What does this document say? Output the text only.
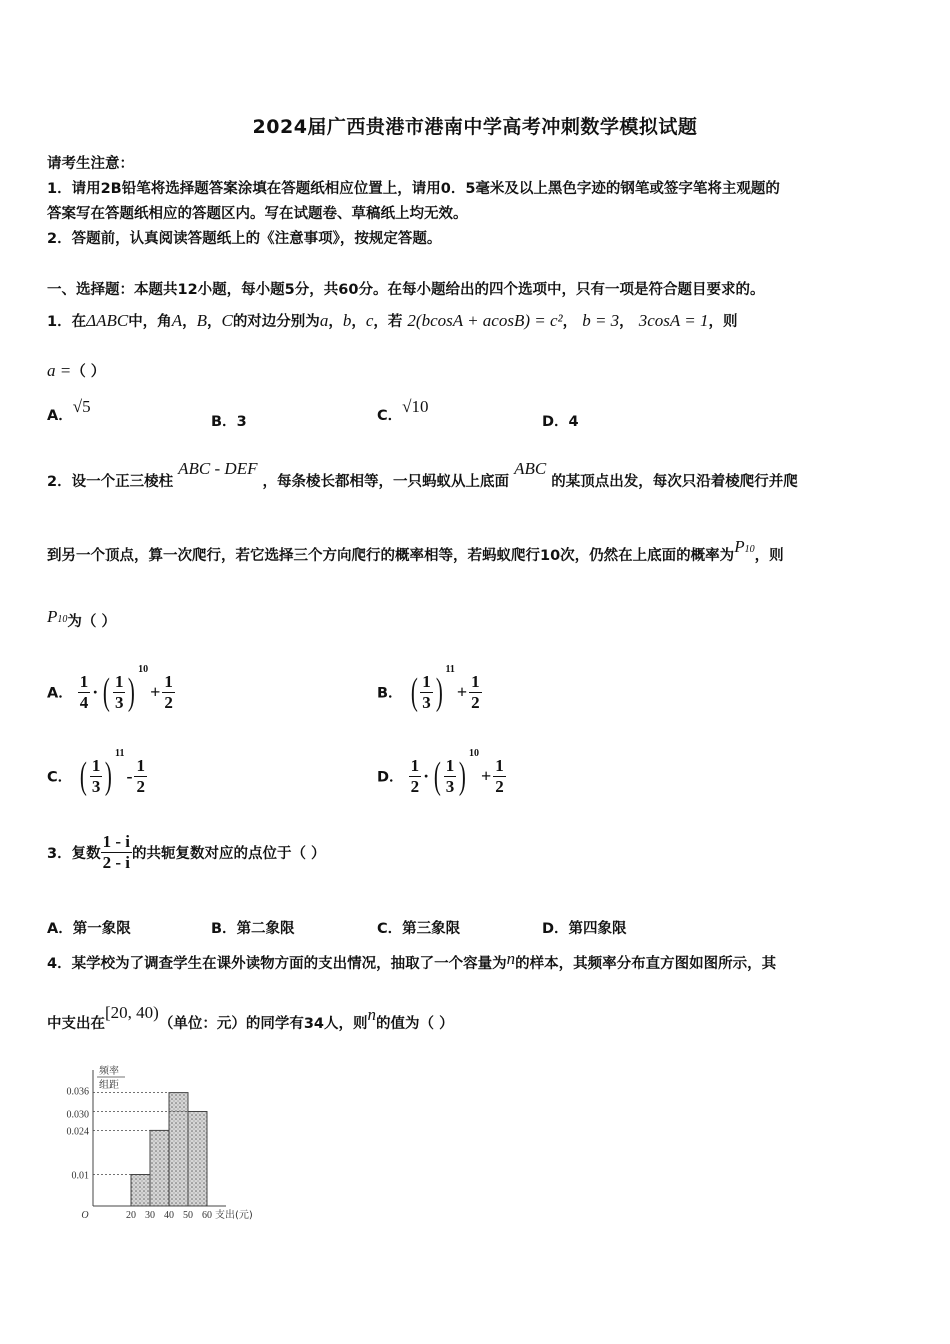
2024届广西贵港市港南中学高考冲刺数学模拟试题
请考生注意：
1．请用2B铅笔将选择题答案涂填在答题纸相应位置上，请用0．5毫米及以上黑色字迹的钢笔或签字笔将主观题的
答案写在答题纸相应的答题区内。写在试题卷、草稿纸上均无效。
2．答题前，认真阅读答题纸上的《注意事项》，按规定答题。
一、选择题：本题共12小题，每小题5分，共60分。在每小题给出的四个选项中，只有一项是符合题目要求的。
1．在ΔABC中，角A，B，C的对边分别为a，b，c，若 2(bcosA + acosB) = c²， b = 3， 3cosA = 1，则
a =（ ）
A．√5
B．3	C．√10
D．4
2．设一个正三棱柱 ABC - DEF ，每条棱长都相等，一只蚂蚁从上底面 ABC 的某顶点出发，每次只沿着棱爬行并爬
到另一个顶点，算一次爬行，若它选择三个方向爬行的概率相等，若蚂蚁爬行10次，仍然在上底面的概率为P10，则
P10为（ ）
A． $\frac{1}{4}$ · ( $\frac{1}{3} )^{10}+ \frac{1}{2}$	B． ( $\frac{1}{3} )^{11}+ \frac{1}{2}$
C． ( $\frac{1}{3} )^{11}- \frac{1}{2}$	D． $\frac{1}{2}$ · ( $\frac{1}{3} )^{10}+ \frac{1}{2}$
3．复数 $\frac{1 - i}{2 - i}$ 的共轭复数对应的点位于（ ）
A．第一象限	B．第二象限	C．第三象限	D．第四象限
4．某学校为了调查学生在课外读物方面的支出情况，抽取了一个容量为n的样本，其频率分布直方图如图所示，其
中支出在[20, 40)（单位：元）的同学有34人，则n的值为（ ）
0.01
0.024
0.030
0.036
20 30 40 50 60
O	支出(元)
频率
组距
